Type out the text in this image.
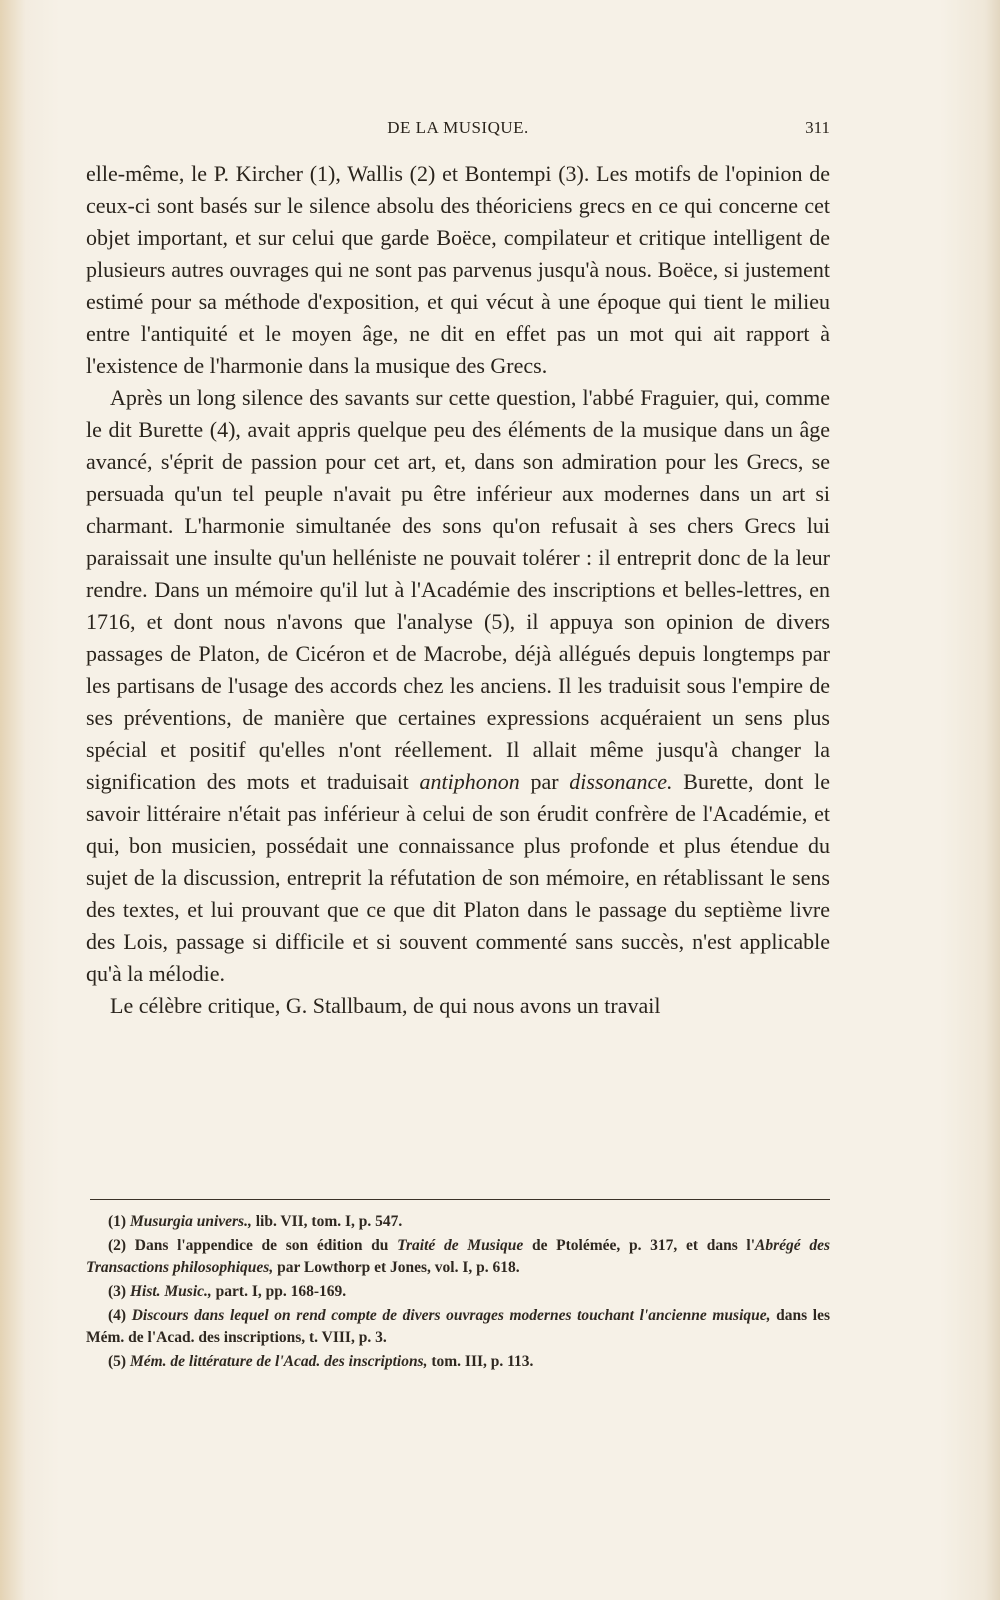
DE LA MUSIQUE.	311

elle-même, le P. Kircher (1), Wallis (2) et Bontempi (3). Les motifs de l'opinion de ceux-ci sont basés sur le silence absolu des théoriciens grecs en ce qui concerne cet objet important, et sur celui que garde Boëce, compilateur et critique intelligent de plusieurs autres ouvrages qui ne sont pas parvenus jusqu'à nous. Boëce, si justement estimé pour sa méthode d'exposition, et qui vécut à une époque qui tient le milieu entre l'antiquité et le moyen âge, ne dit en effet pas un mot qui ait rapport à l'existence de l'harmonie dans la musique des Grecs.

Après un long silence des savants sur cette question, l'abbé Fraguier, qui, comme le dit Burette (4), avait appris quelque peu des éléments de la musique dans un âge avancé, s'éprit de passion pour cet art, et, dans son admiration pour les Grecs, se persuada qu'un tel peuple n'avait pu être inférieur aux modernes dans un art si charmant. L'harmonie simultanée des sons qu'on refusait à ses chers Grecs lui paraissait une insulte qu'un helléniste ne pouvait tolérer : il entreprit donc de la leur rendre. Dans un mémoire qu'il lut à l'Académie des inscriptions et belles-lettres, en 1716, et dont nous n'avons que l'analyse (5), il appuya son opinion de divers passages de Platon, de Cicéron et de Macrobe, déjà allégués depuis longtemps par les partisans de l'usage des accords chez les anciens. Il les traduisit sous l'empire de ses préventions, de manière que certaines expressions acquéraient un sens plus spécial et positif qu'elles n'ont réellement. Il allait même jusqu'à changer la signification des mots et traduisait antiphonon par dissonance. Burette, dont le savoir littéraire n'était pas inférieur à celui de son érudit confrère de l'Académie, et qui, bon musicien, possédait une connaissance plus profonde et plus étendue du sujet de la discussion, entreprit la réfutation de son mémoire, en rétablissant le sens des textes, et lui prouvant que ce que dit Platon dans le passage du septième livre des Lois, passage si difficile et si souvent commenté sans succès, n'est applicable qu'à la mélodie.

Le célèbre critique, G. Stallbaum, de qui nous avons un travail

(1) Musurgia univers., lib. VII, tom. I, p. 547.

(2) Dans l'appendice de son édition du Traité de Musique de Ptolémée, p. 317, et dans l'Abrégé des Transactions philosophiques, par Lowthorp et Jones, vol. I, p. 618.

(3) Hist. Music., part. I, pp. 168-169.

(4) Discours dans lequel on rend compte de divers ouvrages modernes touchant l'ancienne musique, dans les Mém. de l'Acad. des inscriptions, t. VIII, p. 3.

(5) Mém. de littérature de l'Acad. des inscriptions, tom. III, p. 113.
